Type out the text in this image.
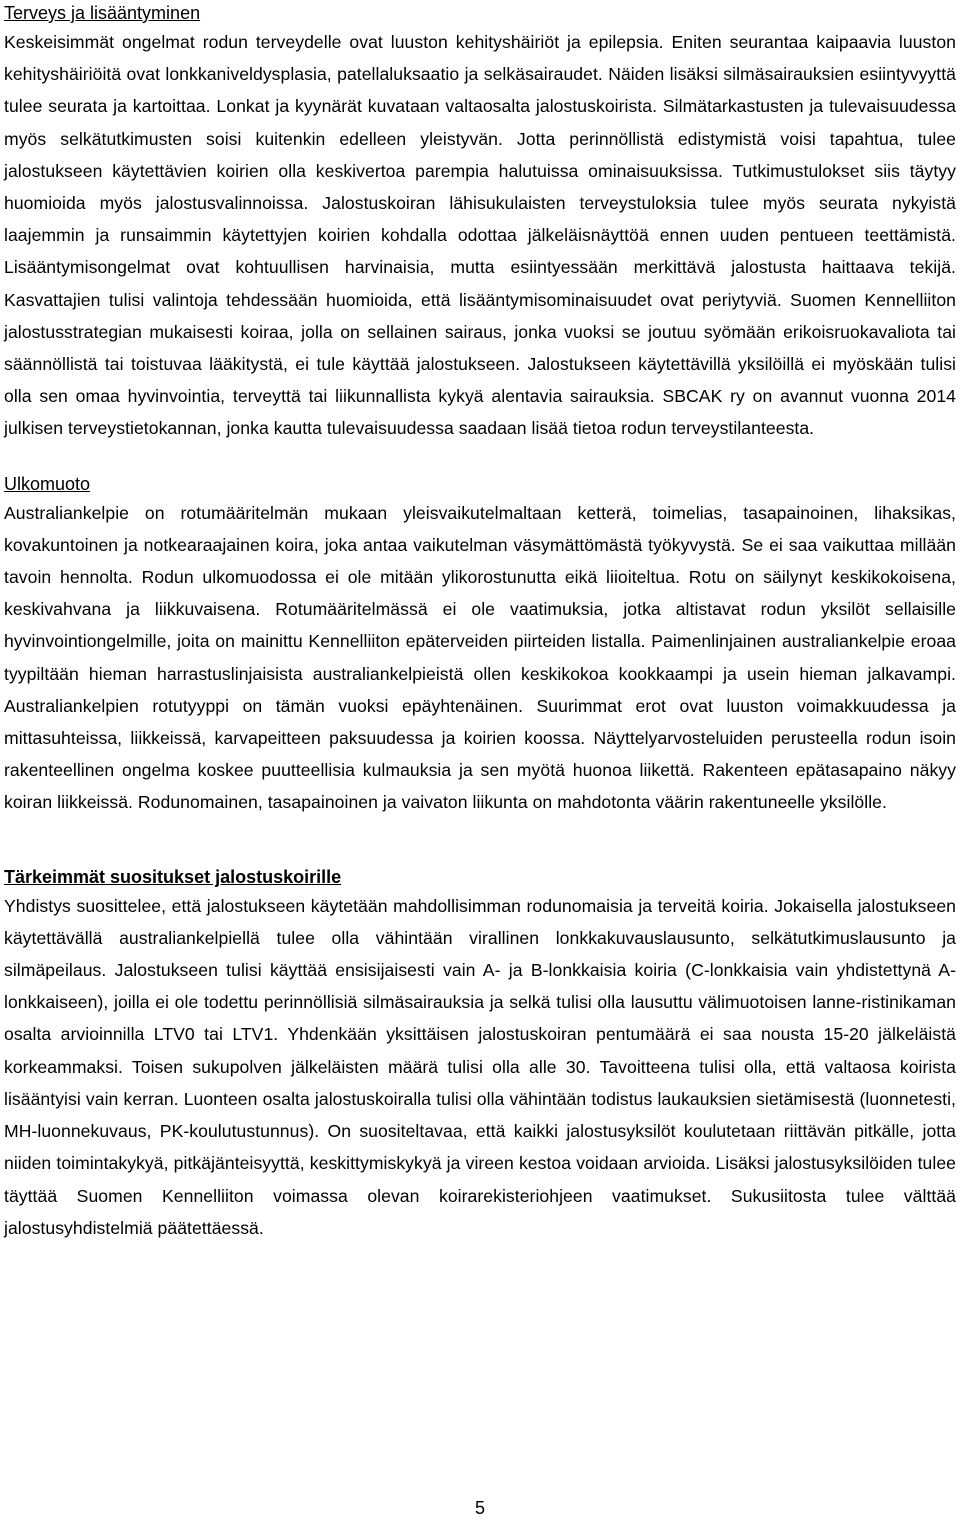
Terveys ja lisääntyminen

Keskeisimmät ongelmat rodun terveydelle ovat luuston kehityshäiriöt ja epilepsia. Eniten seurantaa kaipaavia luuston kehityshäiriöitä ovat lonkkaniveldysplasia, patellaluksaatio ja selkäsairaudet. Näiden lisäksi silmäsairauksien esiintyvyyttä tulee seurata ja kartoittaa. Lonkat ja kyynärät kuvataan valtaosalta jalostuskoirista. Silmätarkastusten ja tulevaisuudessa myös selkätutkimusten soisi kuitenkin edelleen yleistyvän. Jotta perinnöllistä edistymistä voisi tapahtua, tulee jalostukseen käytettävien koirien olla keskivertoa parempia halutuissa ominaisuuksissa. Tutkimustulokset siis täytyy huomioida myös jalostusvalinnoissa. Jalostuskoiran lähisukulaisten terveystuloksia tulee myös seurata nykyistä laajemmin ja runsaimmin käytettyjen koirien kohdalla odottaa jälkeläisnäyttöä ennen uuden pentueen teettämistä. Lisääntymisongelmat ovat kohtuullisen harvinaisia, mutta esiintyessään merkittävä jalostusta haittaava tekijä. Kasvattajien tulisi valintoja tehdessään huomioida, että lisääntymisominaisuudet ovat periytyviä. Suomen Kennelliiton jalostusstrategian mukaisesti koiraa, jolla on sellainen sairaus, jonka vuoksi se joutuu syömään erikoisruokavaliota tai säännöllistä tai toistuvaa lääkitystä, ei tule käyttää jalostukseen. Jalostukseen käytettävillä yksilöillä ei myöskään tulisi olla sen omaa hyvinvointia, terveyttä tai liikunnallista kykyä alentavia sairauksia. SBCAK ry on avannut vuonna 2014 julkisen terveystietokannan, jonka kautta tulevaisuudessa saadaan lisää tietoa rodun terveystilanteesta.

Ulkomuoto

Australiankelpie on rotumääritelmän mukaan yleisvaikutelmaltaan ketterä, toimelias, tasapainoinen, lihaksikas, kovakuntoinen ja notkearaajainen koira, joka antaa vaikutelman väsymättömästä työkyvystä. Se ei saa vaikuttaa millään tavoin hennolta. Rodun ulkomuodossa ei ole mitään ylikorostunutta eikä liioiteltua. Rotu on säilynyt keskikokoisena, keskivahvana ja liikkuvaisena. Rotumääritelmässä ei ole vaatimuksia, jotka altistavat rodun yksilöt sellaisille hyvinvointiongelmille, joita on mainittu Kennelliiton epäterveiden piirteiden listalla. Paimenlinjainen australiankelpie eroaa tyypiltään hieman harrastuslinjaisista australiankelpieistä ollen keskikokoa kookkaampi ja usein hieman jalkavampi. Australiankelpien rotutyyppi on tämän vuoksi epäyhtenäinen. Suurimmat erot ovat luuston voimakkuudessa ja mittasuhteissa, liikkeissä, karvapeitteen paksuudessa ja koirien koossa. Näyttelyarvosteluiden perusteella rodun isoin rakenteellinen ongelma koskee puutteellisia kulmauksia ja sen myötä huonoa liikettä. Rakenteen epätasapaino näkyy koiran liikkeissä. Rodunomainen, tasapainoinen ja vaivaton liikunta on mahdotonta väärin rakentuneelle yksilölle.

Tärkeimmät suositukset jalostuskoirille

Yhdistys suosittelee, että jalostukseen käytetään mahdollisimman rodunomaisia ja terveitä koiria. Jokaisella jalostukseen käytettävällä australiankelpiellä tulee olla vähintään virallinen lonkkakuvauslausunto, selkätutkimuslausunto ja silmäpeilaus. Jalostukseen tulisi käyttää ensisijaisesti vain A- ja B-lonkkaisia koiria (C-lonkkaisia vain yhdistettynä A-lonkkaiseen), joilla ei ole todettu perinnöllisiä silmäsairauksia ja selkä tulisi olla lausuttu välimuotoisen lanne-ristinikaman osalta arvioinnilla LTV0 tai LTV1. Yhdenkään yksittäisen jalostuskoiran pentumäärä ei saa nousta 15-20 jälkeläistä korkeammaksi. Toisen sukupolven jälkeläisten määrä tulisi olla alle 30. Tavoitteena tulisi olla, että valtaosa koirista lisääntyisi vain kerran. Luonteen osalta jalostuskoiralla tulisi olla vähintään todistus laukauksien sietämisestä (luonnetesti, MH-luonnekuvaus, PK-koulutustunnus). On suositeltavaa, että kaikki jalostusyksilöt koulutetaan riittävän pitkälle, jotta niiden toimintakykyä, pitkäjänteisyyttä, keskittymiskykyä ja vireen kestoa voidaan arvioida. Lisäksi jalostusyksilöiden tulee täyttää Suomen Kennelliiton voimassa olevan koirarekisteriohjeen vaatimukset. Sukusiitosta tulee välttää jalostusyhdistelmiä päätettäessä.

5
